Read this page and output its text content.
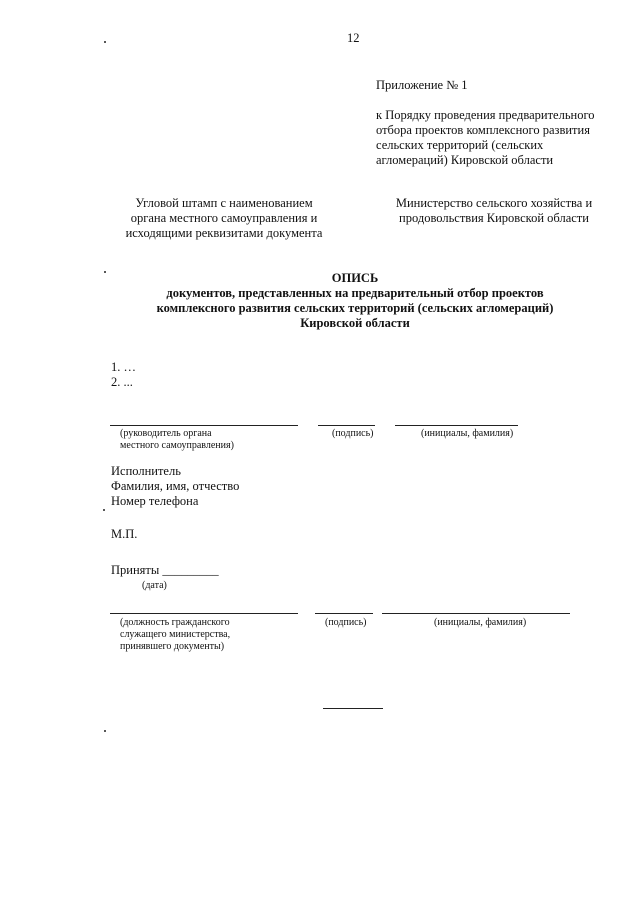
12
Приложение № 1
к Порядку проведения предварительного
отбора проектов комплексного развития
сельских территорий (сельских
агломераций) Кировской области
Угловой штамп с наименованием
органа местного самоуправления и
исходящими реквизитами документа
Министерство сельского хозяйства и
продовольствия Кировской области
ОПИСЬ
документов, представленных на предварительный отбор проектов
комплексного развития сельских территорий (сельских агломераций)
Кировской области
1. …
2. ...
(руководитель органа
местного самоуправления)
(подпись)	(инициалы, фамилия)
Исполнитель
Фамилия, имя, отчество
Номер телефона
М.П.
Приняты _________
(дата)
(должность гражданского
служащего министерства,
принявшего документы)
(подпись)	(инициалы, фамилия)
